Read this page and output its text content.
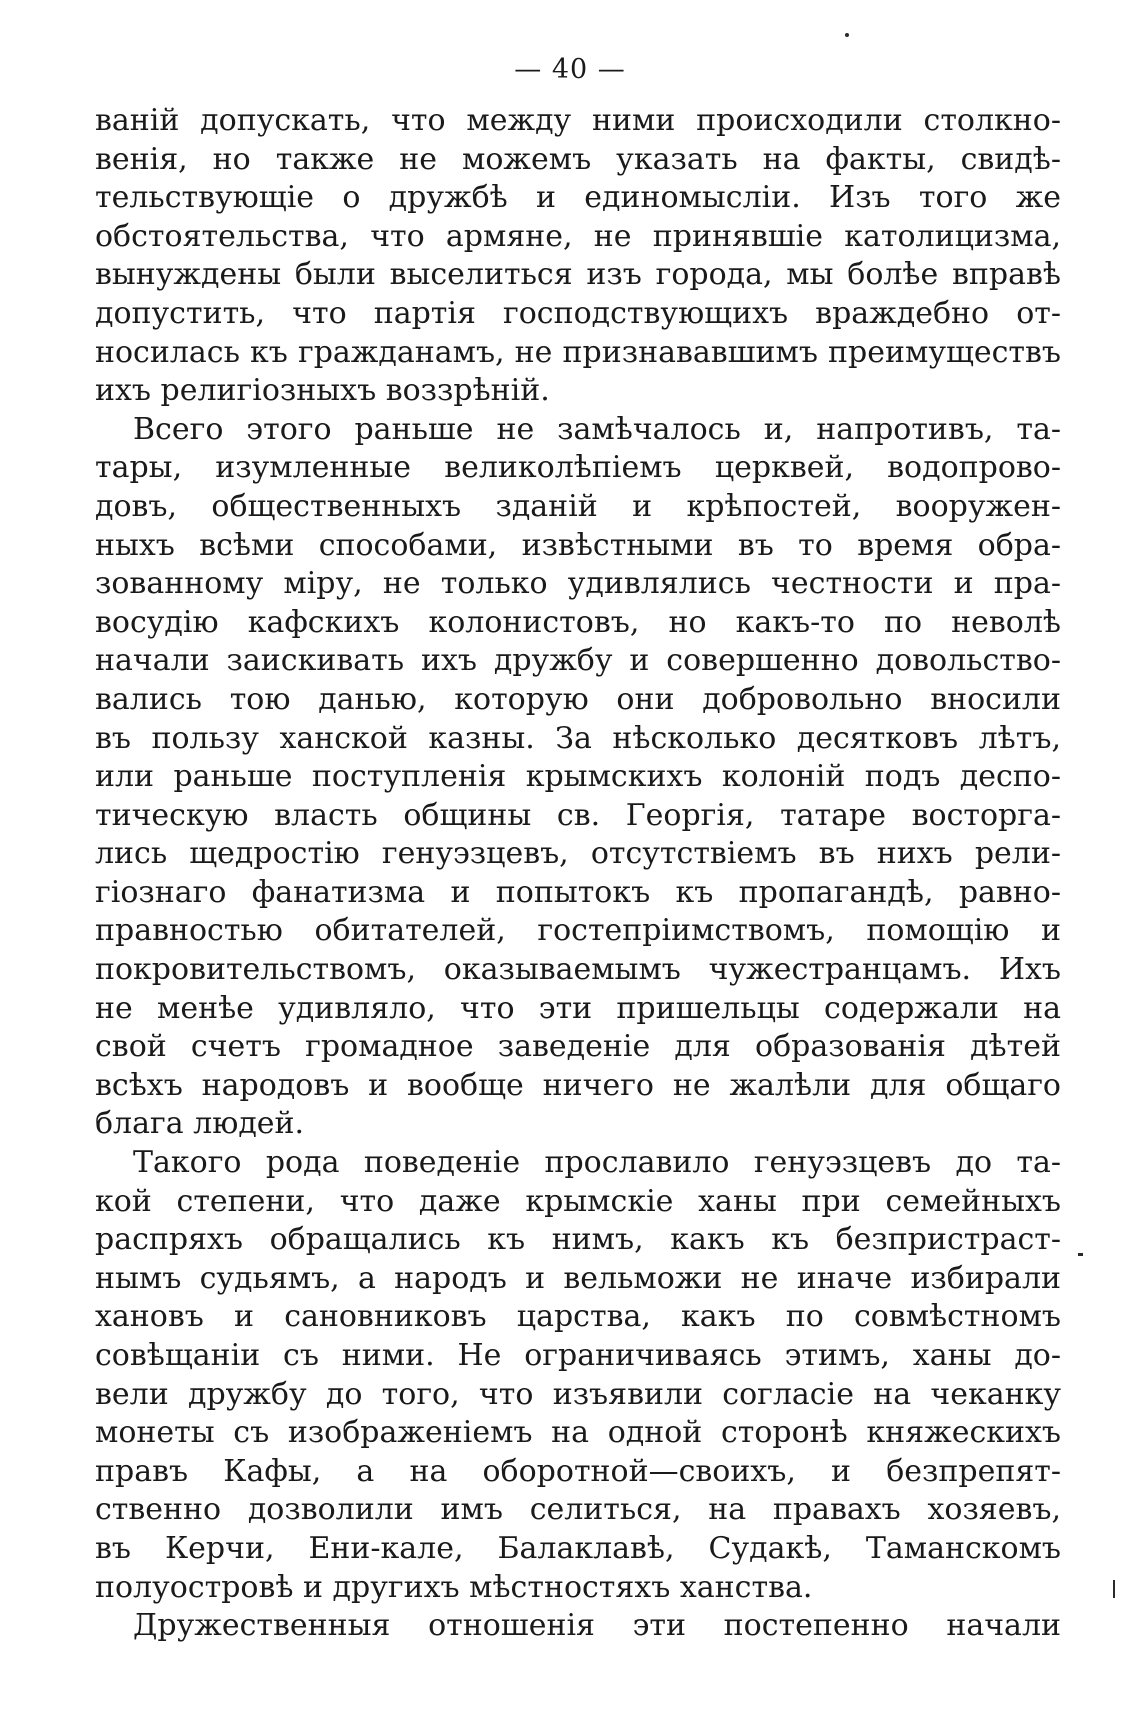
— 40 —
ваній допускать, что между ними происходили столкно-
венія, но также не можемъ указать на факты, свидѣ-
тельствующіе о дружбѣ и единомысліи. Изъ того же
обстоятельства, что армяне, не принявшіе католицизма,
вынуждены были выселиться изъ города, мы болѣе вправѣ
допустить, что партія господствующихъ враждебно от-
носилась къ гражданамъ, не признававшимъ преимуществъ
ихъ религіозныхъ воззрѣній.
Всего этого раньше не замѣчалось и, напротивъ, та-
тары, изумленные великолѣпіемъ церквей, водопрово-
довъ, общественныхъ зданій и крѣпостей, вооружен-
ныхъ всѣми способами, извѣстными въ то время обра-
зованному міру, не только удивлялись честности и пра-
восудію кафскихъ колонистовъ, но какъ-то по неволѣ
начали заискивать ихъ дружбу и совершенно довольство-
вались тою данью, которую они добровольно вносили
въ пользу ханской казны. За нѣсколько десятковъ лѣтъ,
или раньше поступленія крымскихъ колоній подъ деспо-
тическую власть общины св. Георгія, татаре восторга-
лись щедростію генуэзцевъ, отсутствіемъ въ нихъ рели-
гіознаго фанатизма и попытокъ къ пропагандѣ, равно-
правностью обитателей, гостепріимствомъ, помощію и
покровительствомъ, оказываемымъ чужестранцамъ. Ихъ
не менѣе удивляло, что эти пришельцы содержали на
свой счетъ громадное заведеніе для образованія дѣтей
всѣхъ народовъ и вообще ничего не жалѣли для общаго
блага людей.
Такого рода поведеніе прославило генуэзцевъ до та-
кой степени, что даже крымскіе ханы при семейныхъ
распряхъ обращались къ нимъ, какъ къ безпристраст-
нымъ судьямъ, а народъ и вельможи не иначе избирали
хановъ и сановниковъ царства, какъ по совмѣстномъ
совѣщаніи съ ними. Не ограничиваясь этимъ, ханы до-
вели дружбу до того, что изъявили согласіе на чеканку
монеты съ изображеніемъ на одной сторонѣ княжескихъ
правъ Кафы, а на оборотной—своихъ, и безпрепят-
ственно дозволили имъ селиться, на правахъ хозяевъ,
въ Керчи, Ени-кале, Балаклавѣ, Судакѣ, Таманскомъ
полуостровѣ и другихъ мѣстностяхъ ханства.
Дружественныя отношенія эти постепенно начали
